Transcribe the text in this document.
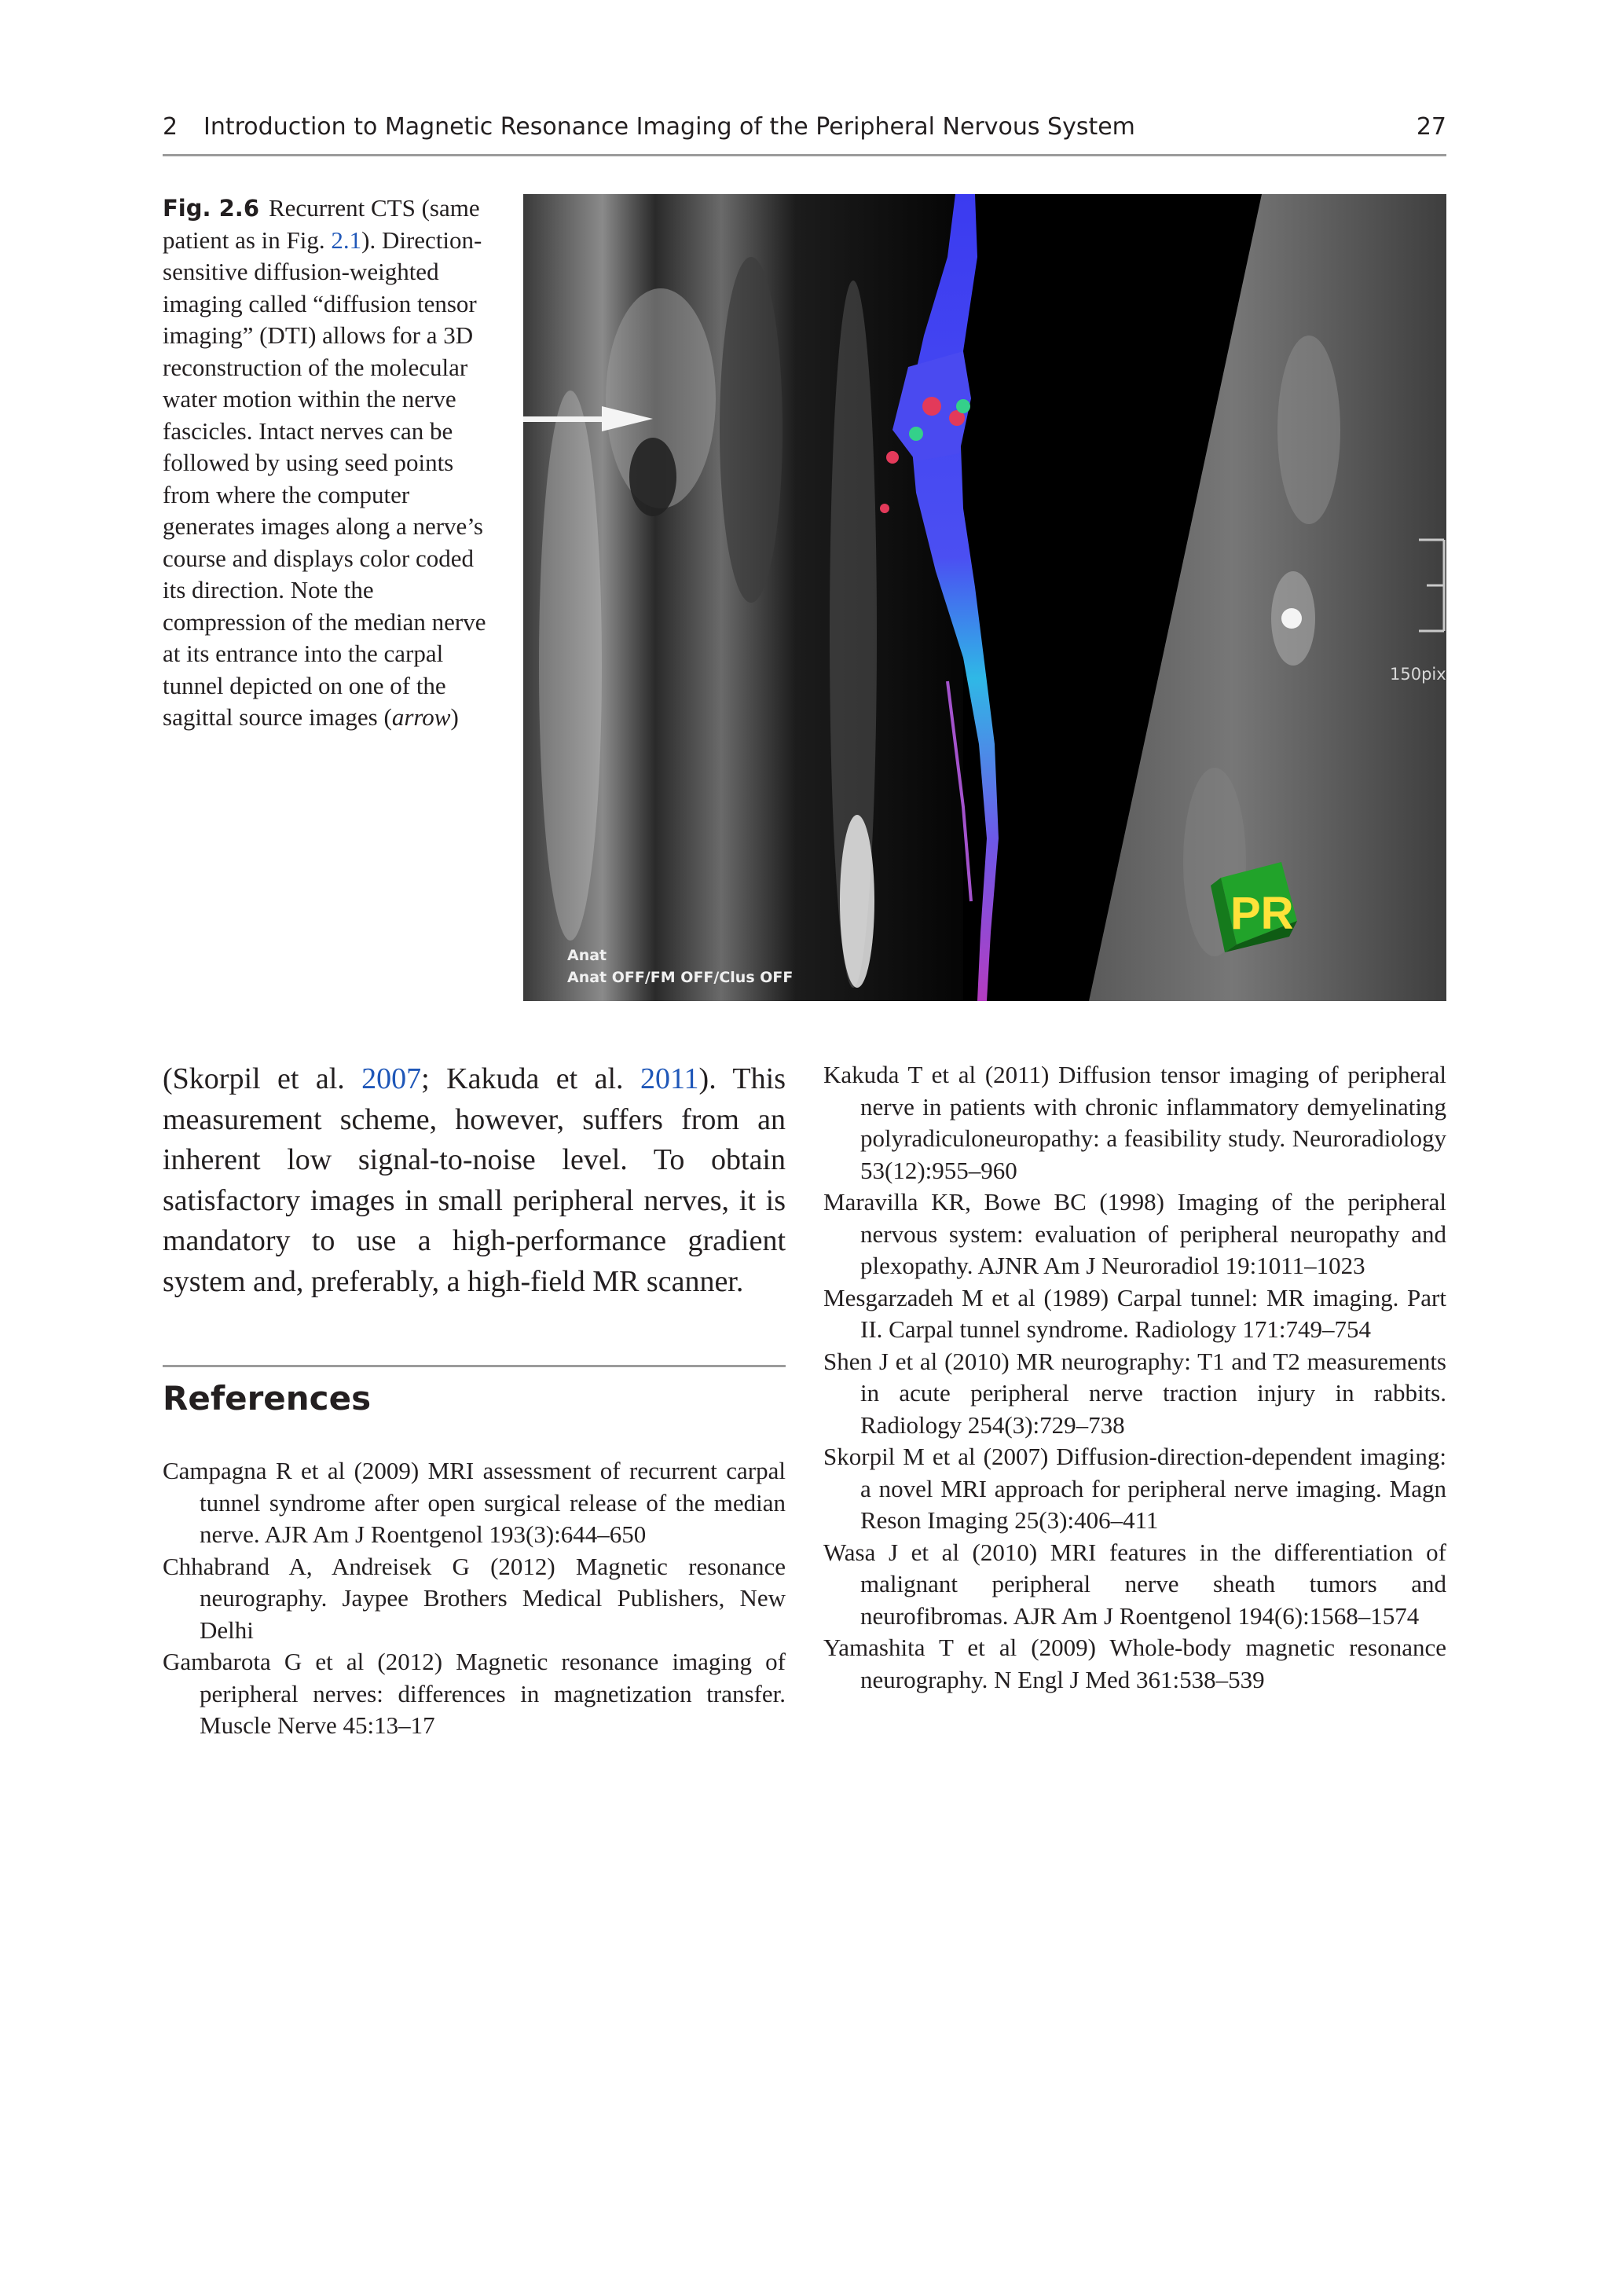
2 Introduction to Magnetic Resonance Imaging of the Peripheral Nervous System	27
Fig. 2.6 Recurrent CTS (same patient as in Fig. 2.1). Direction-sensitive diffusion-weighted imaging called “diffusion tensor imaging” (DTI) allows for a 3D reconstruction of the molecular water motion within the nerve fascicles. Intact nerves can be followed by using seed points from where the computer generates images along a nerve’s course and displays color coded its direction. Note the compression of the median nerve at its entrance into the carpal tunnel depicted on one of the sagittal source images (arrow)
150pix
PR
Anat
Anat OFF/FM OFF/Clus OFF
(Skorpil et al. 2007; Kakuda et al. 2011). This measurement scheme, however, suffers from an inherent low signal-to-noise level. To obtain satisfactory images in small peripheral nerves, it is mandatory to use a high-performance gradient system and, preferably, a high-field MR scanner.
References

Campagna R et al (2009) MRI assessment of recurrent carpal tunnel syndrome after open surgical release of the median nerve. AJR Am J Roentgenol 193(3):644–650

Chhabrand A, Andreisek G (2012) Magnetic resonance neurography. Jaypee Brothers Medical Publishers, New Delhi

Gambarota G et al (2012) Magnetic resonance imaging of peripheral nerves: differences in magnetization transfer. Muscle Nerve 45:13–17

Kakuda T et al (2011) Diffusion tensor imaging of peripheral nerve in patients with chronic inflammatory demyelinating polyradiculoneuropathy: a feasibility study. Neuroradiology 53(12):955–960

Maravilla KR, Bowe BC (1998) Imaging of the peripheral nervous system: evaluation of peripheral neuropathy and plexopathy. AJNR Am J Neuroradiol 19:1011–1023

Mesgarzadeh M et al (1989) Carpal tunnel: MR imaging. Part II. Carpal tunnel syndrome. Radiology 171:749–754

Shen J et al (2010) MR neurography: T1 and T2 measurements in acute peripheral nerve traction injury in rabbits. Radiology 254(3):729–738

Skorpil M et al (2007) Diffusion-direction-dependent imaging: a novel MRI approach for peripheral nerve imaging. Magn Reson Imaging 25(3):406–411

Wasa J et al (2010) MRI features in the differentiation of malignant peripheral nerve sheath tumors and neurofibromas. AJR Am J Roentgenol 194(6):1568–1574

Yamashita T et al (2009) Whole-body magnetic resonance neurography. N Engl J Med 361:538–539
